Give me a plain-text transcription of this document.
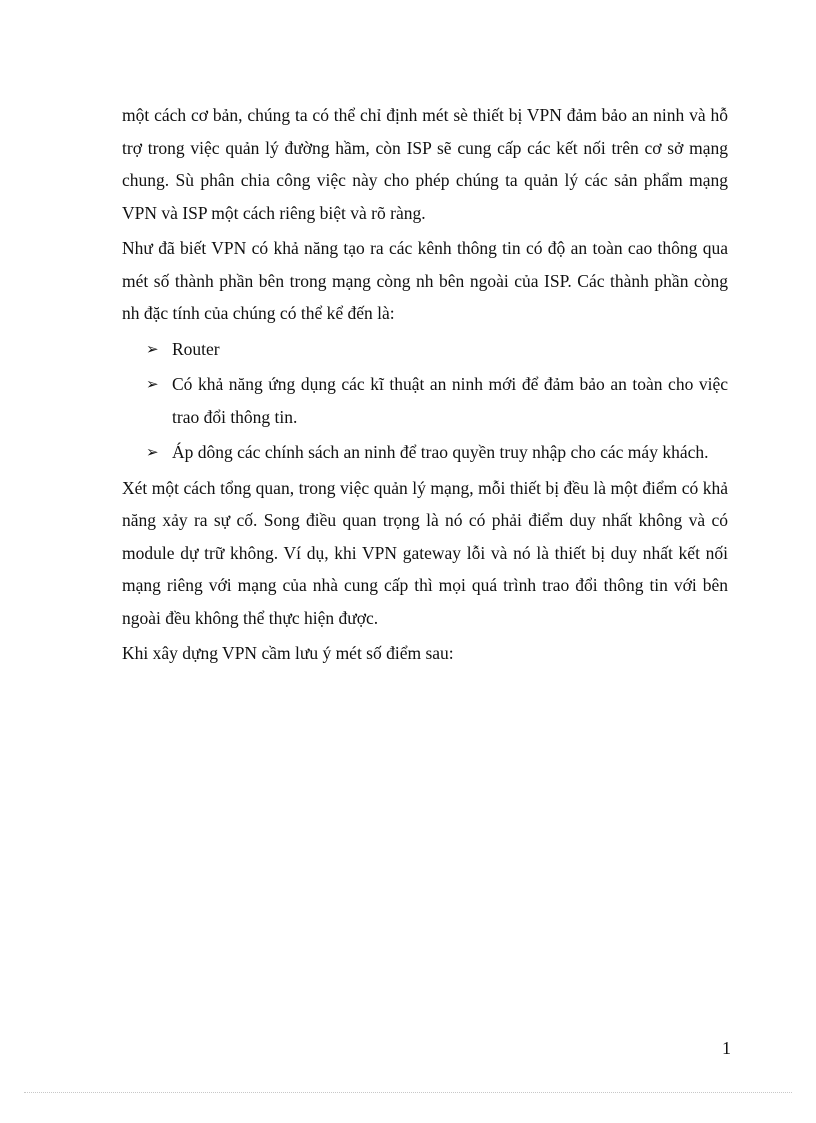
một cách cơ bản, chúng ta có thể chỉ định mét sè thiết bị VPN đảm bảo an ninh và hỗ trợ trong việc quản lý đường hầm, còn ISP sẽ cung cấp các kết nối trên cơ sở mạng chung. Sù phân chia công việc này cho phép chúng ta quản lý các sản phẩm mạng VPN và ISP một cách riêng biệt và rõ ràng.

Như đã biết VPN có khả năng tạo ra các kênh thông tin có độ an toàn cao thông qua mét số thành phần bên trong mạng còng nh bên ngoài của ISP. Các thành phần còng nh đặc tính của chúng có thể kể đến là:

➢ Router
➢ Có khả năng ứng dụng các kĩ thuật an ninh mới để đảm bảo an toàn cho việc trao đổi thông tin.
➢ Áp dông các chính sách an ninh để trao quyền truy nhập cho các máy khách.

Xét một cách tổng quan, trong việc quản lý mạng, mỗi thiết bị đều là một điểm có khả năng xảy ra sự cố. Song điều quan trọng là nó có phải điểm duy nhất không và có module dự trữ không. Ví dụ, khi VPN gateway lỗi và nó là thiết bị duy nhất kết nối mạng riêng với mạng của nhà cung cấp thì mọi quá trình trao đổi thông tin với bên ngoài đều không thể thực hiện được.

Khi xây dựng VPN cầm lưu ý mét số điểm sau:

1
